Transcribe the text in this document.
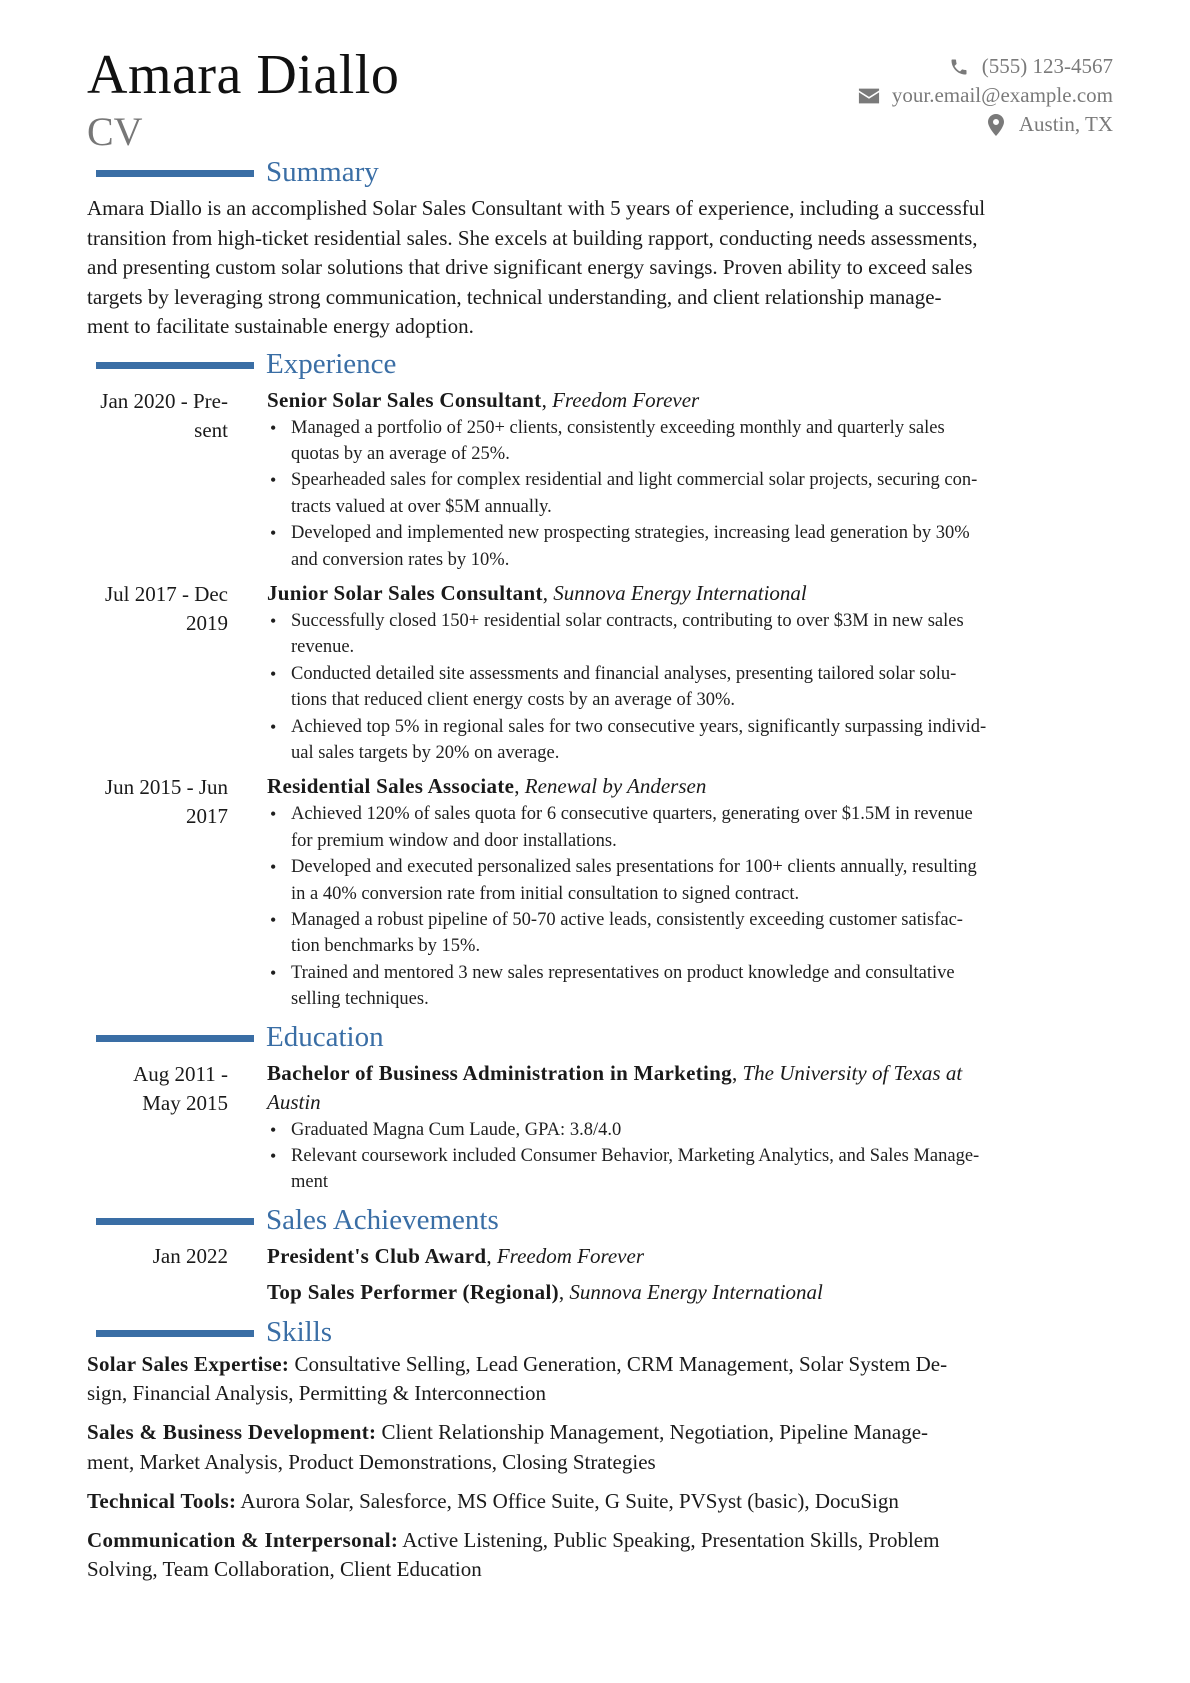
Amara Diallo
CV
(555) 123-4567
your.email@example.com
Austin, TX
Summary
Amara Diallo is an accomplished Solar Sales Consultant with 5 years of experience, including a successful
transition from high-ticket residential sales. She excels at building rapport, conducting needs assessments,
and presenting custom solar solutions that drive significant energy savings. Proven ability to exceed sales
targets by leveraging strong communication, technical understanding, and client relationship manage-
ment to facilitate sustainable energy adoption.
Experience
Jan 2020 - Pre-
sent
Senior Solar Sales Consultant, Freedom Forever
• Managed a portfolio of 250+ clients, consistently exceeding monthly and quarterly sales
quotas by an average of 25%.
• Spearheaded sales for complex residential and light commercial solar projects, securing con-
tracts valued at over $5M annually.
• Developed and implemented new prospecting strategies, increasing lead generation by 30%
and conversion rates by 10%.
Jul 2017 - Dec
2019
Junior Solar Sales Consultant, Sunnova Energy International
• Successfully closed 150+ residential solar contracts, contributing to over $3M in new sales
revenue.
• Conducted detailed site assessments and financial analyses, presenting tailored solar solu-
tions that reduced client energy costs by an average of 30%.
• Achieved top 5% in regional sales for two consecutive years, significantly surpassing individ-
ual sales targets by 20% on average.
Jun 2015 - Jun
2017
Residential Sales Associate, Renewal by Andersen
• Achieved 120% of sales quota for 6 consecutive quarters, generating over $1.5M in revenue
for premium window and door installations.
• Developed and executed personalized sales presentations for 100+ clients annually, resulting
in a 40% conversion rate from initial consultation to signed contract.
• Managed a robust pipeline of 50-70 active leads, consistently exceeding customer satisfac-
tion benchmarks by 15%.
• Trained and mentored 3 new sales representatives on product knowledge and consultative
selling techniques.
Education
Aug 2011 -
May 2015
Bachelor of Business Administration in Marketing, The University of Texas at
Austin
• Graduated Magna Cum Laude, GPA: 3.8/4.0
• Relevant coursework included Consumer Behavior, Marketing Analytics, and Sales Manage-
ment
Sales Achievements
Jan 2022	President's Club Award, Freedom Forever
Top Sales Performer (Regional), Sunnova Energy International
Skills
Solar Sales Expertise: Consultative Selling, Lead Generation, CRM Management, Solar System De-
sign, Financial Analysis, Permitting & Interconnection
Sales & Business Development: Client Relationship Management, Negotiation, Pipeline Manage-
ment, Market Analysis, Product Demonstrations, Closing Strategies
Technical Tools: Aurora Solar, Salesforce, MS Office Suite, G Suite, PVSyst (basic), DocuSign
Communication & Interpersonal: Active Listening, Public Speaking, Presentation Skills, Problem
Solving, Team Collaboration, Client Education
